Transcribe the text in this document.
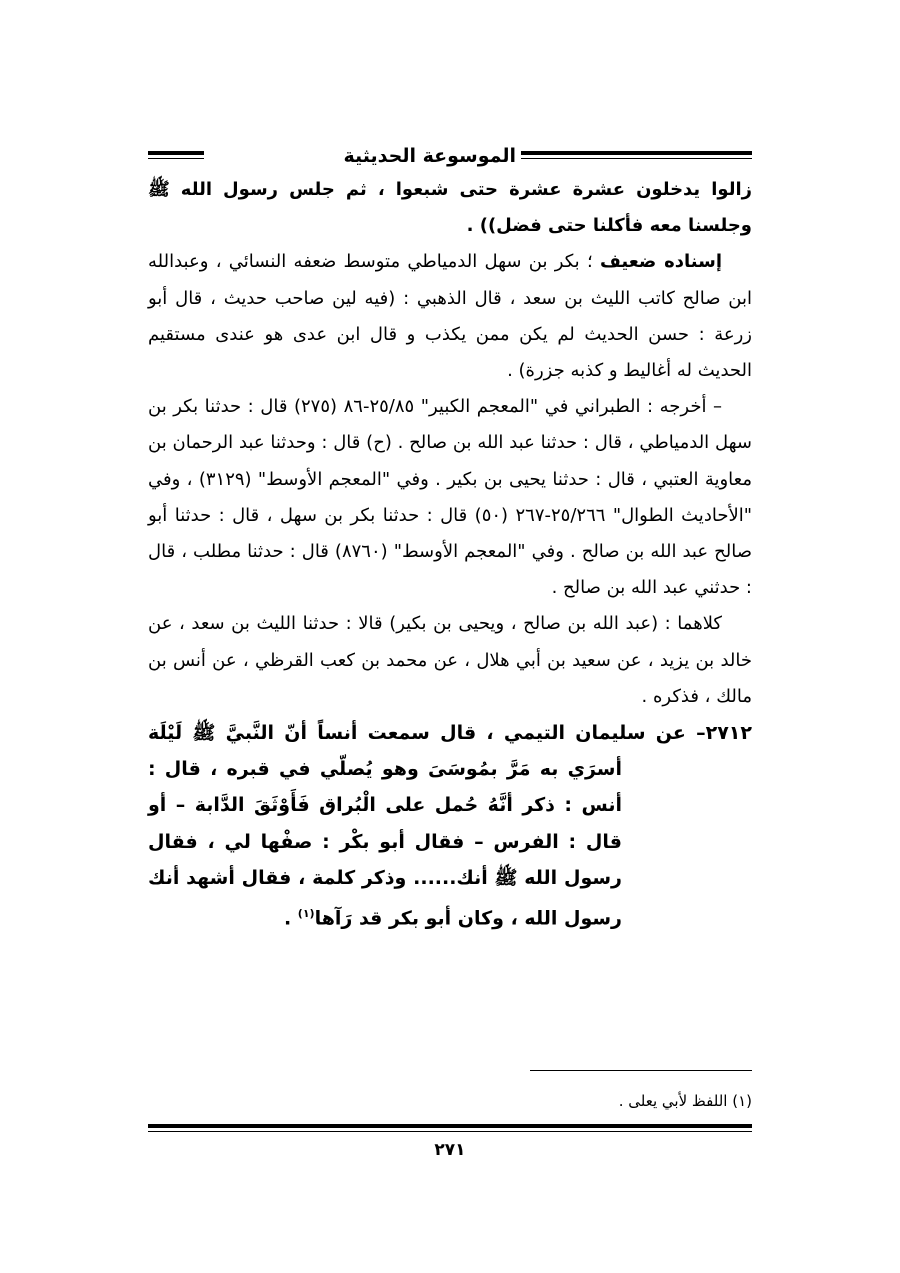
الموسوعة الحديثية

زالوا يدخلون عشرة عشرة حتى شبعوا ، ثم جلس رسول الله ﷺ وجلسنا معه فأكلنا حتى فضل)) .

إسناده ضعيف ؛ بكر بن سهل الدمياطي متوسط ضعفه النسائي ، وعبدالله ابن صالح كاتب الليث بن سعد ، قال الذهبي : (فيه لين صاحب حديث ، قال أبو زرعة : حسن الحديث لم يكن ممن يكذب و قال ابن عدى هو عندى مستقيم الحديث له أغاليط و كذبه جزرة) .

– أخرجه : الطبراني في "المعجم الكبير" ٢٥/٨٥-٨٦ (٢٧٥) قال : حدثنا بكر بن سهل الدمياطي ، قال : حدثنا عبد الله بن صالح . (ح) قال : وحدثنا عبد الرحمان بن معاوية العتبي ، قال : حدثنا يحيى بن بكير . وفي "المعجم الأوسط" (٣١٢٩) ، وفي "الأحاديث الطوال" ٢٥/٢٦٦-٢٦٧ (٥٠) قال : حدثنا بكر بن سهل ، قال : حدثنا أبو صالح عبد الله بن صالح . وفي "المعجم الأوسط" (٨٧٦٠) قال : حدثنا مطلب ، قال : حدثني عبد الله بن صالح .

كلاهما : (عبد الله بن صالح ، ويحيى بن بكير) قالا : حدثنا الليث بن سعد ، عن خالد بن يزيد ، عن سعيد بن أبي هلال ، عن محمد بن كعب القرظي ، عن أنس بن مالك ، فذكره .

٢٧١٢– عن سليمان التيمي ، قال سمعت أنساً أنّ النَّبيَّ ﷺ لَيْلَة أسرَي به مَرَّ بمُوسَىَ وهو يُصلّي في قبره ، قال : أنس : ذكر أنَّهُ حُمل على الْبُراق فَأَوْثَقَ الدَّابة – أو قال : الفرس – فقال أبو بكْر : صفْها لي ، فقال رسول الله ﷺ أنك...... وذكر كلمة ، فقال أشهد أنك رسول الله ، وكان أبو بكر قد رَآها$^{(١)}$ .

(١) اللفظ لأبي يعلى .
٢٧١
